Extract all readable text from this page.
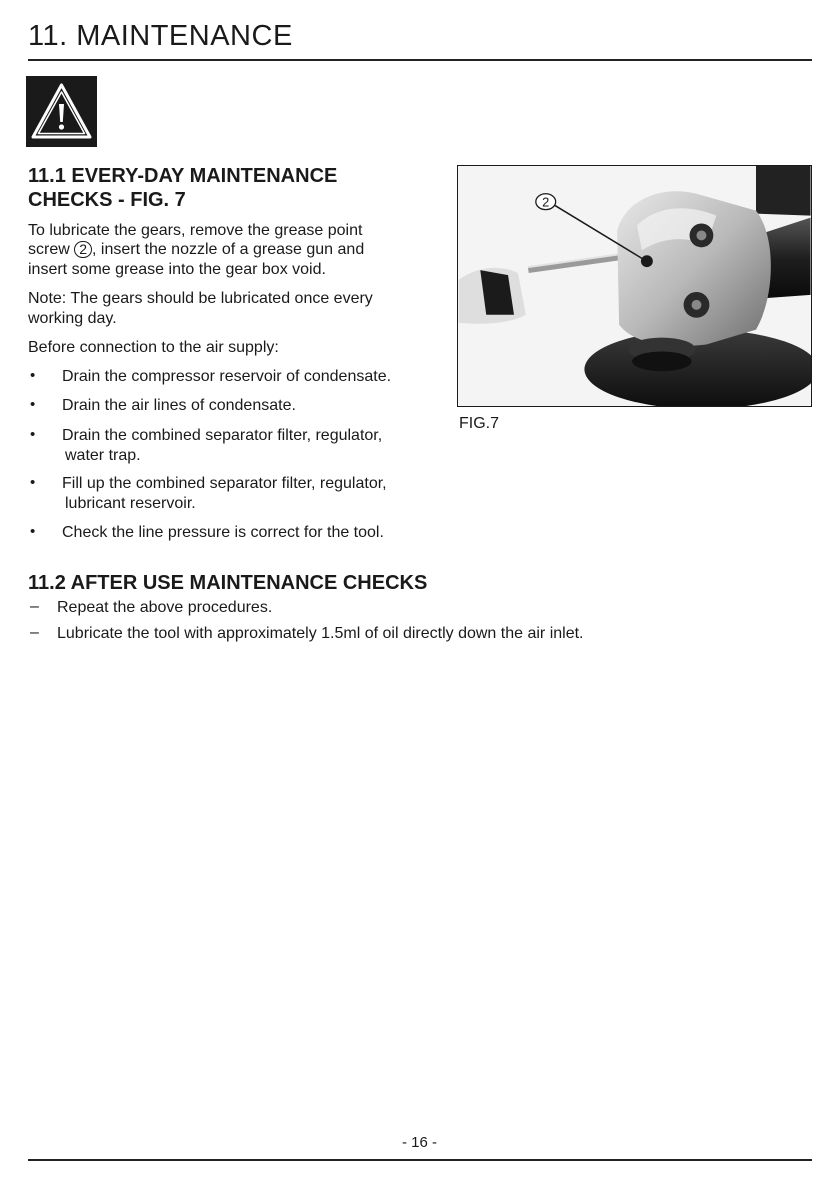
11. MAINTENANCE
11.1 EVERY-DAY MAINTENANCE
CHECKS - FIG. 7

To lubricate the gears, remove the grease point

screw 2 , insert the nozzle of a grease gun and

insert some grease into the gear box void.

Note: The gears should be lubricated once every

working day.

Before connection to the air supply:

• Drain the compressor reservoir of condensate.

• Drain the air lines of condensate.

• Drain the combined separator filter, regulator,

water trap.

• Fill up the combined separator filter, regulator,

lubricant reservoir.

• Check the line pressure is correct for the tool.

2

FIG.7

11.2 AFTER USE MAINTENANCE CHECKS
– Repeat the above procedures.

– Lubricate the tool with approximately 1.5ml of oil directly down the air inlet.

- 16 -
